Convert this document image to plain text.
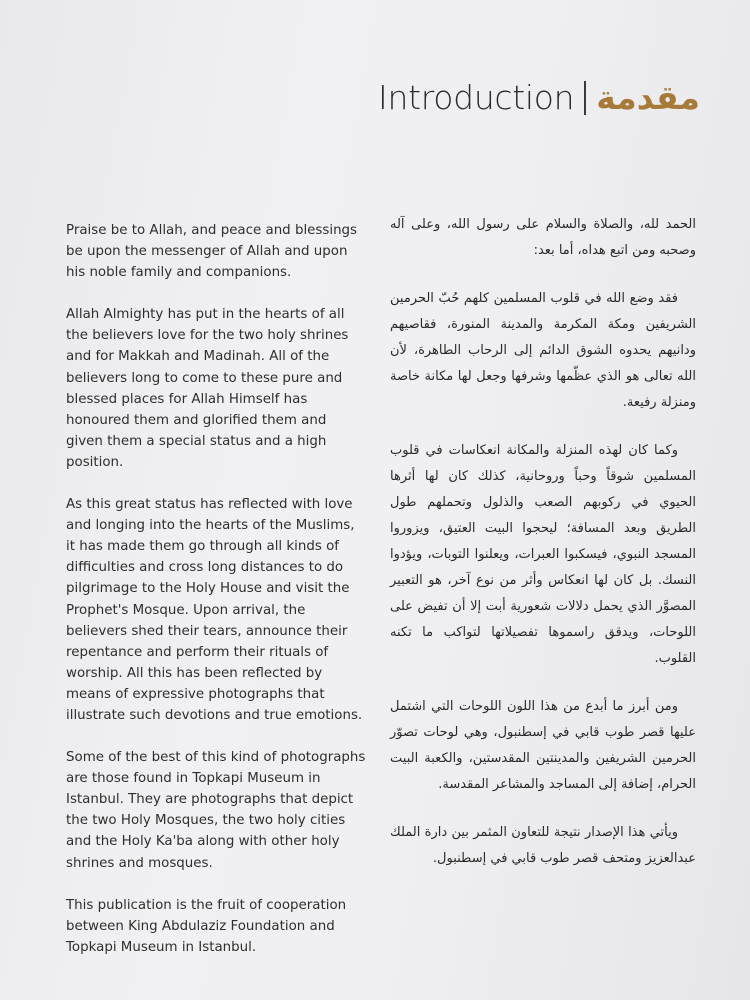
Introduction مقدمة

Praise be to Allah, and peace and blessings be upon the messenger of Allah and upon his noble family and companions.

Allah Almighty has put in the hearts of all the believers love for the two holy shrines and for Makkah and Madinah. All of the believers long to come to these pure and blessed places for Allah Himself has honoured them and glorified them and given them a special status and a high position.

As this great status has reflected with love and longing into the hearts of the Muslims, it has made them go through all kinds of difficulties and cross long distances to do pilgrimage to the Holy House and visit the Prophet's Mosque. Upon arrival, the believers shed their tears, announce their repentance and perform their rituals of worship. All this has been reflected by means of expressive photographs that illustrate such devotions and true emotions.

Some of the best of this kind of photographs are those found in Topkapi Museum in Istanbul. They are photographs that depict the two Holy Mosques, the two holy cities and the Holy Ka'ba along with other holy shrines and mosques.

This publication is the fruit of cooperation between King Abdulaziz Foundation and Topkapi Museum in Istanbul.

الحمد لله، والصلاة والسلام على رسول الله، وعلى آله وصحبه ومن اتبع هداه، أما بعد:

فقد وضع الله في قلوب المسلمين كلهم حُبّ الحرمين الشريفين ومكة المكرمة والمدينة المنورة، فقاصيهم ودانيهم يحدوه الشوق الدائم إلى الرحاب الطاهرة، لأن الله تعالى هو الذي عظّمها وشرفها وجعل لها مكانة خاصة ومنزلة رفيعة.

وكما كان لهذه المنزلة والمكانة انعكاسات في قلوب المسلمين شوقاً وحباً وروحانية، كذلك كان لها أثرها الحيوي في ركوبهم الصعب والذلول وتحملهم طول الطريق وبعد المسافة؛ ليحجوا البيت العتيق، ويزوروا المسجد النبوي، فيسكبوا العبرات، ويعلنوا التوبات، ويؤدوا النسك. بل كان لها انعكاس وأثر من نوع آخر، هو التعبير المصوَّر الذي يحمل دلالات شعورية أبت إلا أن تفيض على اللوحات، ويدقق راسموها تفصيلاتها لتواكب ما تكنه القلوب.

ومن أبرز ما أبدع من هذا اللون اللوحات التي اشتمل عليها قصر طوب قابي في إسطنبول، وهي لوحات تصوّر الحرمين الشريفين والمدينتين المقدستين، والكعبة البيت الحرام، إضافة إلى المساجد والمشاعر المقدسة.

ويأتي هذا الإصدار نتيجة للتعاون المثمر بين دارة الملك عبدالعزيز ومتحف قصر طوب قابي في إسطنبول.
